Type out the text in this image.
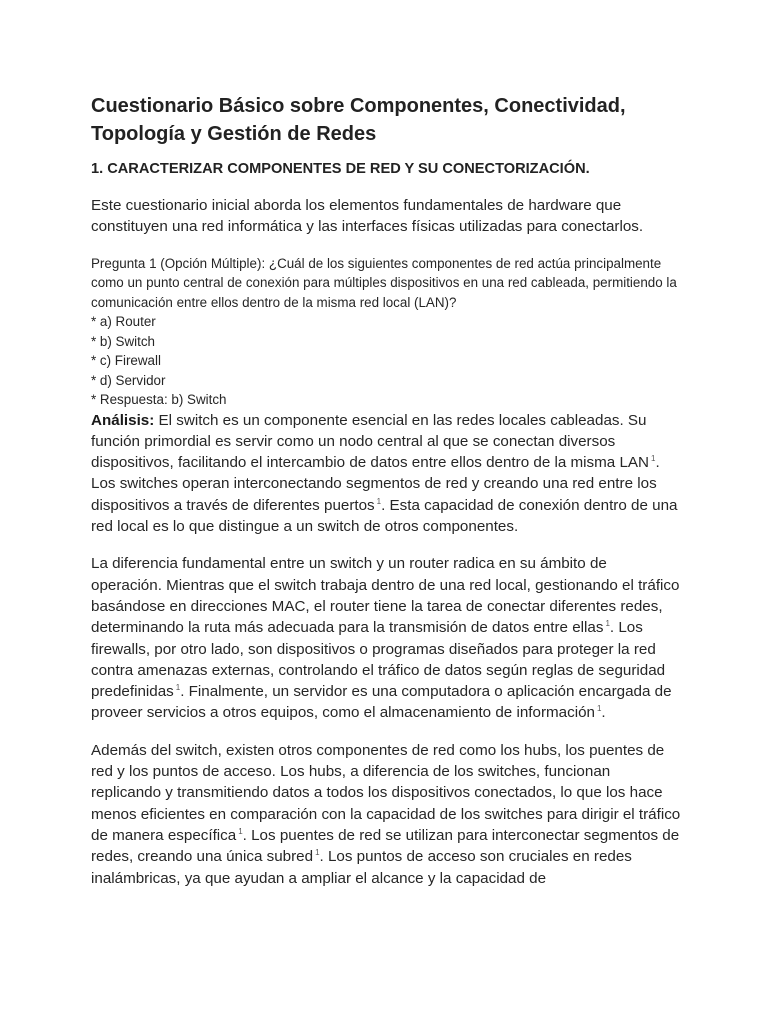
Cuestionario Básico sobre Componentes, Conectividad, Topología y Gestión de Redes
1. CARACTERIZAR COMPONENTES DE RED Y SU CONECTORIZACIÓN.

Este cuestionario inicial aborda los elementos fundamentales de hardware que constituyen una red informática y las interfaces físicas utilizadas para conectarlos.

Pregunta 1 (Opción Múltiple): ¿Cuál de los siguientes componentes de red actúa principalmente como un punto central de conexión para múltiples dispositivos en una red cableada, permitiendo la comunicación entre ellos dentro de la misma red local (LAN)?
* a) Router
* b) Switch
* c) Firewall
* d) Servidor
* Respuesta: b) Switch

Análisis: El switch es un componente esencial en las redes locales cableadas. Su función primordial es servir como un nodo central al que se conectan diversos dispositivos, facilitando el intercambio de datos entre ellos dentro de la misma LAN $^1$. Los switches operan interconectando segmentos de red y creando una red entre los dispositivos a través de diferentes puertos $^1$. Esta capacidad de conexión dentro de una red local es lo que distingue a un switch de otros componentes.

La diferencia fundamental entre un switch y un router radica en su ámbito de operación. Mientras que el switch trabaja dentro de una red local, gestionando el tráfico basándose en direcciones MAC, el router tiene la tarea de conectar diferentes redes, determinando la ruta más adecuada para la transmisión de datos entre ellas $^1$. Los firewalls, por otro lado, son dispositivos o programas diseñados para proteger la red contra amenazas externas, controlando el tráfico de datos según reglas de seguridad predefinidas $^1$. Finalmente, un servidor es una computadora o aplicación encargada de proveer servicios a otros equipos, como el almacenamiento de información $^1$.

Además del switch, existen otros componentes de red como los hubs, los puentes de red y los puntos de acceso. Los hubs, a diferencia de los switches, funcionan replicando y transmitiendo datos a todos los dispositivos conectados, lo que los hace menos eficientes en comparación con la capacidad de los switches para dirigir el tráfico de manera específica $^1$. Los puentes de red se utilizan para interconectar segmentos de redes, creando una única subred $^1$. Los puntos de acceso son cruciales en redes inalámbricas, ya que ayudan a ampliar el alcance y la capacidad de
